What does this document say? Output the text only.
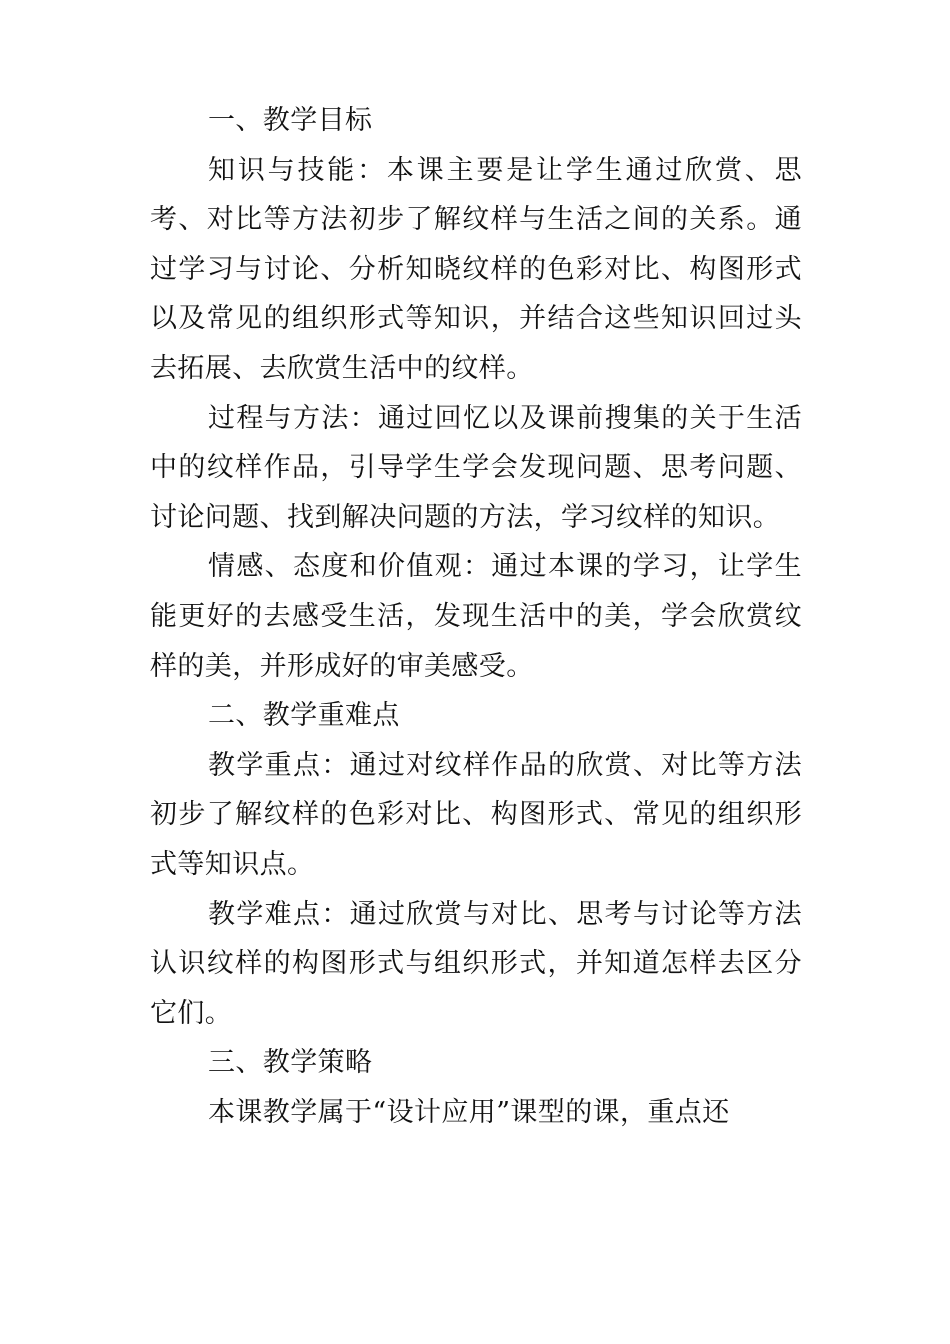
一、教学目标

知识与技能：本课主要是让学生通过欣赏、思考、对比等方法初步了解纹样与生活之间的关系。通过学习与讨论、分析知晓纹样的色彩对比、构图形式以及常见的组织形式等知识，并结合这些知识回过头去拓展、去欣赏生活中的纹样。

过程与方法：通过回忆以及课前搜集的关于生活中的纹样作品，引导学生学会发现问题、思考问题、讨论问题、找到解决问题的方法，学习纹样的知识。

情感、态度和价值观：通过本课的学习，让学生能更好的去感受生活，发现生活中的美，学会欣赏纹样的美，并形成好的审美感受。

二、教学重难点

教学重点：通过对纹样作品的欣赏、对比等方法初步了解纹样的色彩对比、构图形式、常见的组织形式等知识点。

教学难点：通过欣赏与对比、思考与讨论等方法认识纹样的构图形式与组织形式，并知道怎样去区分它们。

三、教学策略

本课教学属于“设计应用”课型的课，重点还
